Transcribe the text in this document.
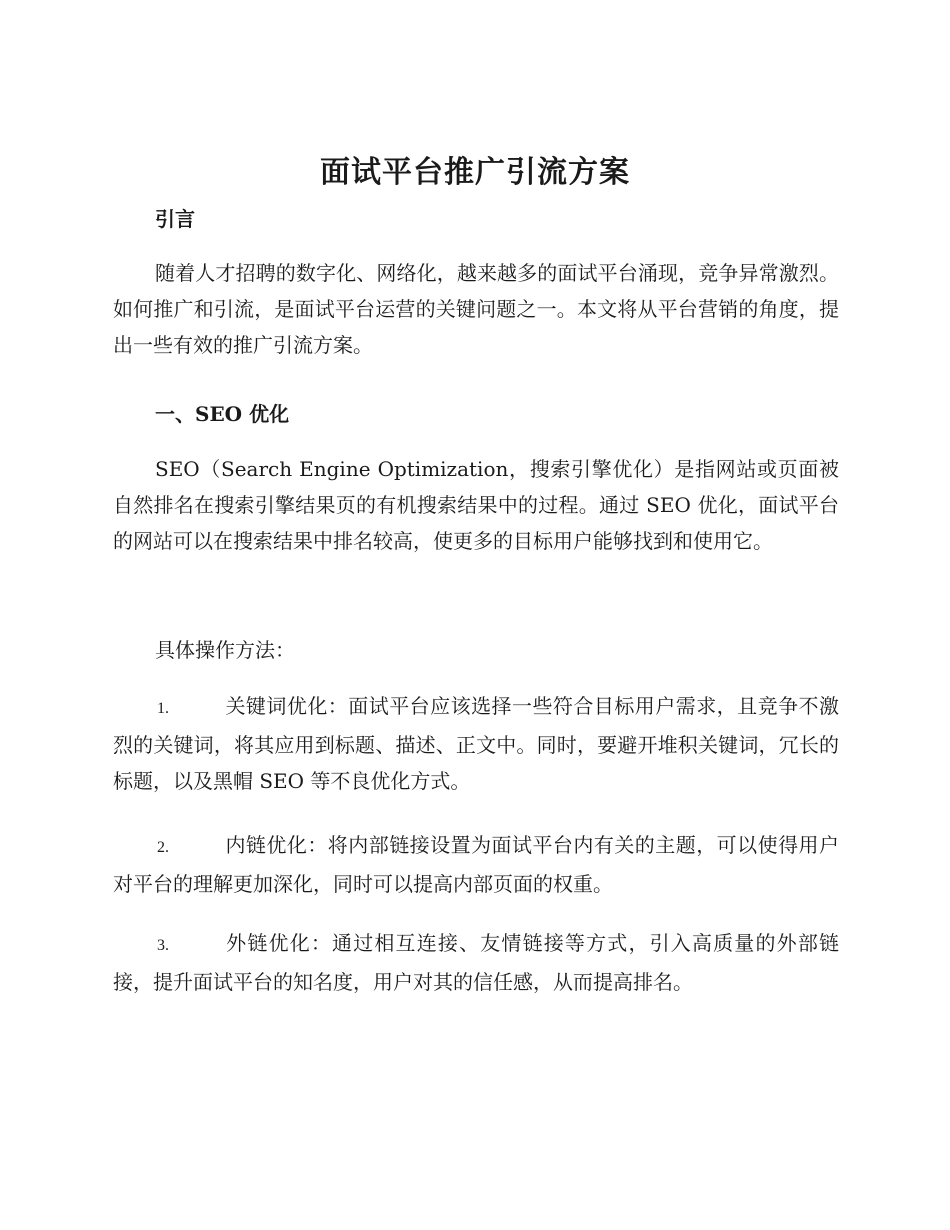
面试平台推广引流方案
引言

随着人才招聘的数字化、网络化，越来越多的面试平台涌现，竞争异常激烈。如何推广和引流，是面试平台运营的关键问题之一。本文将从平台营销的角度，提出一些有效的推广引流方案。

一、SEO 优化

SEO（Search Engine Optimization，搜索引擎优化）是指网站或页面被自然排名在搜索引擎结果页的有机搜索结果中的过程。通过 SEO 优化，面试平台的网站可以在搜索结果中排名较高，使更多的目标用户能够找到和使用它。

具体操作方法：

1.	关键词优化：面试平台应该选择一些符合目标用户需求，且竞争不激烈的关键词，将其应用到标题、描述、正文中。同时，要避开堆积关键词，冗长的标题，以及黑帽 SEO 等不良优化方式。

2.	内链优化：将内部链接设置为面试平台内有关的主题，可以使得用户对平台的理解更加深化，同时可以提高内部页面的权重。

3.	外链优化：通过相互连接、友情链接等方式，引入高质量的外部链接，提升面试平台的知名度，用户对其的信任感，从而提高排名。
